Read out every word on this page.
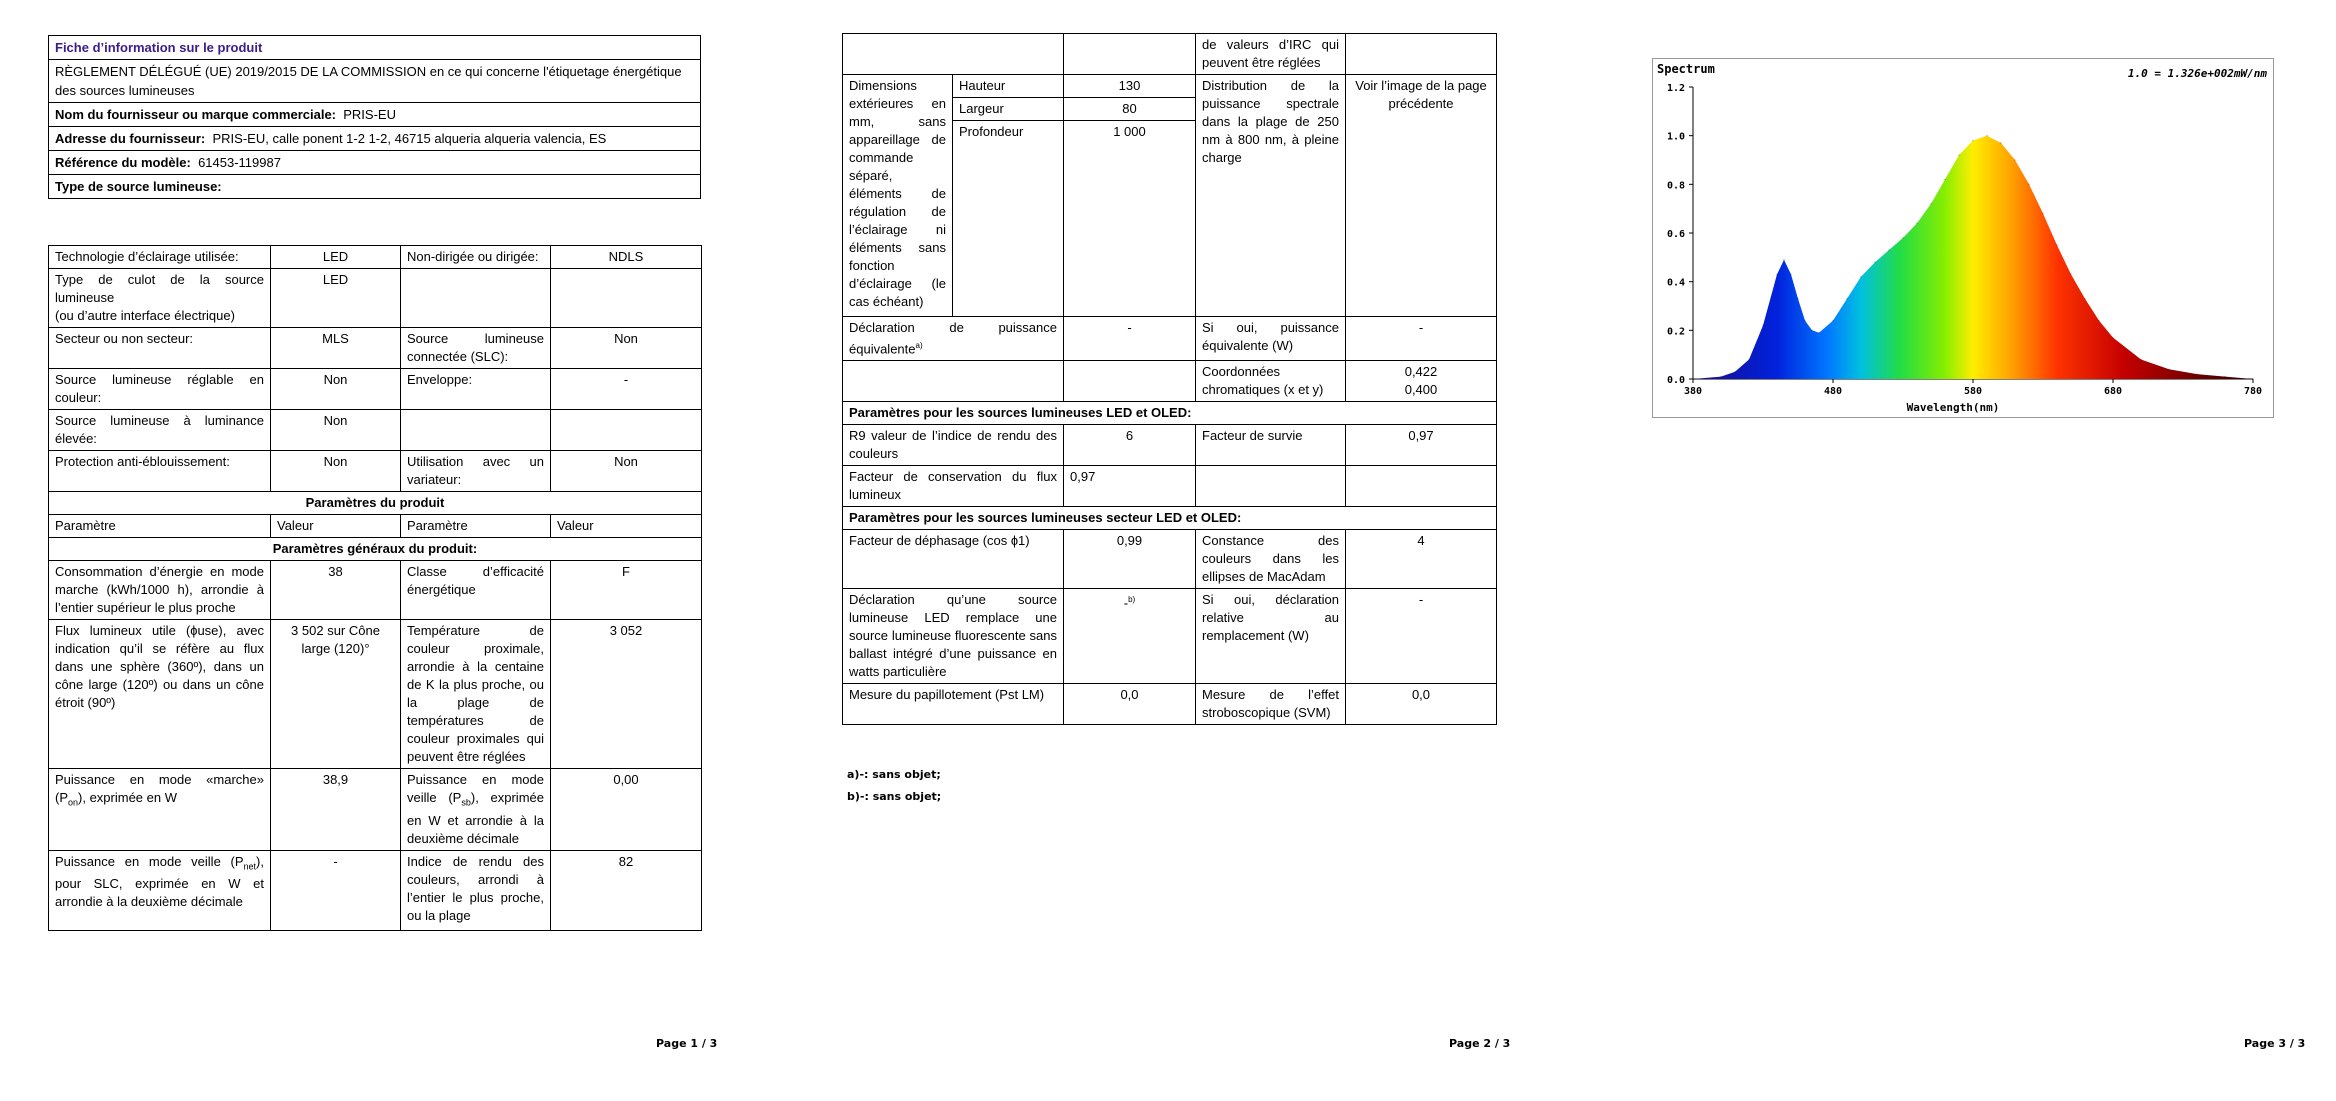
Fiche d’information sur le produit
RÈGLEMENT DÉLÉGUÉ (UE) 2019/2015 DE LA COMMISSION en ce qui concerne l'étiquetage énergétique des sources lumineuses
Nom du fournisseur ou marque commerciale: PRIS-EU
Adresse du fournisseur: PRIS-EU, calle ponent 1-2 1-2, 46715 alqueria alqueria valencia, ES
Référence du modèle: 61453-119987
Type de source lumineuse:
Technologie d’éclairage utilisée:	LED	Non-dirigée ou dirigée:	NDLS
Type de culot de la source lumineuse
(ou d’autre interface électrique)	LED		
Secteur ou non secteur:	MLS	Source lumineuse connectée (SLC):	Non
Source lumineuse réglable en couleur:	Non	Enveloppe:	-
Source lumineuse à luminance élevée:	Non		
Protection anti-éblouissement:	Non	Utilisation avec un variateur:	Non
Paramètres du produit			
Paramètre	Valeur	Paramètre	Valeur
Paramètres généraux du produit:			
Consommation d’énergie en mode marche (kWh/1000 h), arrondie à l’entier supérieur le plus proche	38	Classe d’efficacité énergétique	F
Flux lumineux utile (ɸuse), avec indication qu’il se réfère au flux dans une sphère (360º), dans un cône large (120º) ou dans un cône étroit (90º)	3 502 sur Cône large (120)°	Température de couleur proximale, arrondie à la centaine de K la plus proche, ou la plage de températures de couleur proximales qui peuvent être réglées	3 052
Puissance en mode «marche» $(P_{on})$, exprimée en W	38,9	Puissance en mode veille $(P_{sb})$, exprimée en W et arrondie à la deuxième décimale	0,00
Puissance en mode veille $(P_{net})$, pour SLC, exprimée en W et arrondie à la deuxième décimale	-	Indice de rendu des couleurs, arrondi à l’entier le plus proche, ou la plage	82
Page 1 / 3
			de valeurs d’IRC qui peuvent être réglées	
Dimensions extérieures en mm, sans appareillage de commande séparé, éléments de régulation de l’éclairage ni éléments sans fonction d’éclairage (le cas échéant)	Hauteur	130	Distribution de la puissance spectrale dans la plage de 250 nm à 800 nm, à pleine charge	Voir l’image de la page précédente
	Largeur	80		
	Profondeur	1 000		
Déclaration de puissance équivalente$^{a)}$		-	Si oui, puissance équivalente (W)	-
			Coordonnées chromatiques (x et y)	0,422
0,400
Paramètres pour les sources lumineuses LED et OLED:				
R9 valeur de l’indice de rendu des couleurs		6	Facteur de survie	0,97
Facteur de conservation du flux lumineux		0,97		
Paramètres pour les sources lumineuses secteur LED et OLED:				
Facteur de déphasage (cos ɸ1)		0,99	Constance des couleurs dans les ellipses de MacAdam	4
Déclaration qu’une source lumineuse LED remplace une source lumineuse fluorescente sans ballast intégré d’une puissance en watts particulière		-$^{b)}$	Si oui, déclaration relative au remplacement (W)	-
Mesure du papillotement (Pst LM)		0,0	Mesure de l’effet stroboscopique (SVM)	0,0
a)-: sans objet;
b)-: sans objet;
Page 2 / 3
0.0
0.2
0.4
0.6
0.8
1.0
1.2
380	480	580	680	780
Spectrum	1.0 = 1.326e+002mW/nm
Wavelength(nm)
Page 3 / 3
